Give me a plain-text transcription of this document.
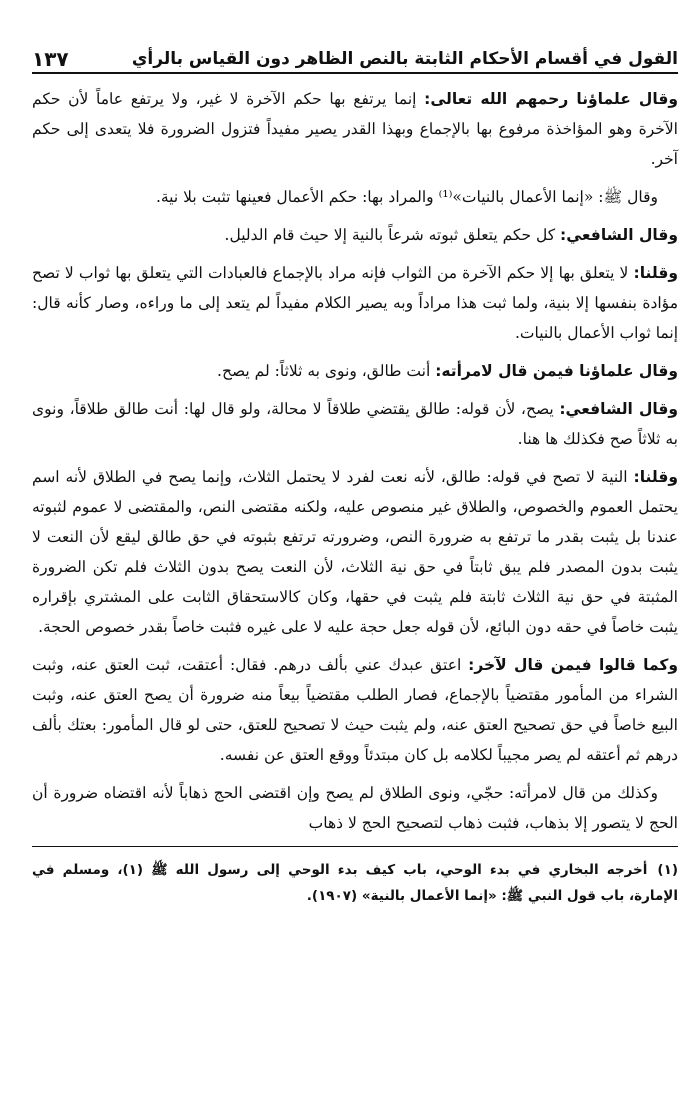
القول في أقسام الأحكام الثابتة بالنص الظاهر دون القياس بالرأي
١٣٧

وقال علماؤنا رحمهم الله تعالى: إنما يرتفع بها حكم الآخرة لا غير، ولا يرتفع عاماً لأن حكم الآخرة وهو المؤاخذة مرفوع بها بالإجماع وبهذا القدر يصير مفيداً فتزول الضرورة فلا يتعدى إلى حكم آخر.

وقال ﷺ: «إنما الأعمال بالنيات»⁽¹⁾ والمراد بها: حكم الأعمال فعينها تثبت بلا نية.

وقال الشافعي: كل حكم يتعلق ثبوته شرعاً بالنية إلا حيث قام الدليل.

وقلنا: لا يتعلق بها إلا حكم الآخرة من الثواب فإنه مراد بالإجماع فالعبادات التي يتعلق بها ثواب لا تصح مؤادة بنفسها إلا بنية، ولما ثبت هذا مراداً وبه يصير الكلام مفيداً لم يتعد إلى ما وراءه، وصار كأنه قال: إنما ثواب الأعمال بالنيات.

وقال علماؤنا فيمن قال لامرأته: أنت طالق، ونوى به ثلاثاً: لم يصح.

وقال الشافعي: يصح، لأن قوله: طالق يقتضي طلاقاً لا محالة، ولو قال لها: أنت طالق طلاقاً، ونوى به ثلاثاً صح فكذلك ها هنا.

وقلنا: النية لا تصح في قوله: طالق، لأنه نعت لفرد لا يحتمل الثلاث، وإنما يصح في الطلاق لأنه اسم يحتمل العموم والخصوص، والطلاق غير منصوص عليه، ولكنه مقتضى النص، والمقتضى لا عموم لثبوته عندنا بل يثبت بقدر ما ترتفع به ضرورة النص، وضرورته ترتفع بثبوته في حق طالق ليقع لأن النعت لا يثبت بدون المصدر فلم يبق ثابتاً في حق نية الثلاث، لأن النعت يصح بدون الثلاث فلم تكن الضرورة المثبتة في حق نية الثلاث ثابتة فلم يثبت في حقها، وكان كالاستحقاق الثابت على المشتري بإقراره يثبت خاصاً في حقه دون البائع، لأن قوله جعل حجة عليه لا على غيره فثبت خاصاً بقدر خصوص الحجة.

وكما قالوا فيمن قال لآخر: اعتق عبدك عني بألف درهم. فقال: أعتقت، ثبت العتق عنه، وثبت الشراء من المأمور مقتضياً بالإجماع، فصار الطلب مقتضياً بيعاً منه ضرورة أن يصح العتق عنه، وثبت البيع خاصاً في حق تصحيح العتق عنه، ولم يثبت حيث لا تصحيح للعتق، حتى لو قال المأمور: بعتك بألف درهم ثم أعتقه لم يصر مجيباً لكلامه بل كان مبتدئاً ووقع العتق عن نفسه.

وكذلك من قال لامرأته: حجّي، ونوى الطلاق لم يصح وإن اقتضى الحج ذهاباً لأنه اقتضاه ضرورة أن الحج لا يتصور إلا بذهاب، فثبت ذهاب لتصحيح الحج لا ذهاب

(١)أخرجه البخاري في بدء الوحي، باب كيف بدء الوحي إلى رسول الله ﷺ (١)، ومسلم في الإمارة، باب قول النبي ﷺ: «إنما الأعمال بالنية» (١٩٠٧).
